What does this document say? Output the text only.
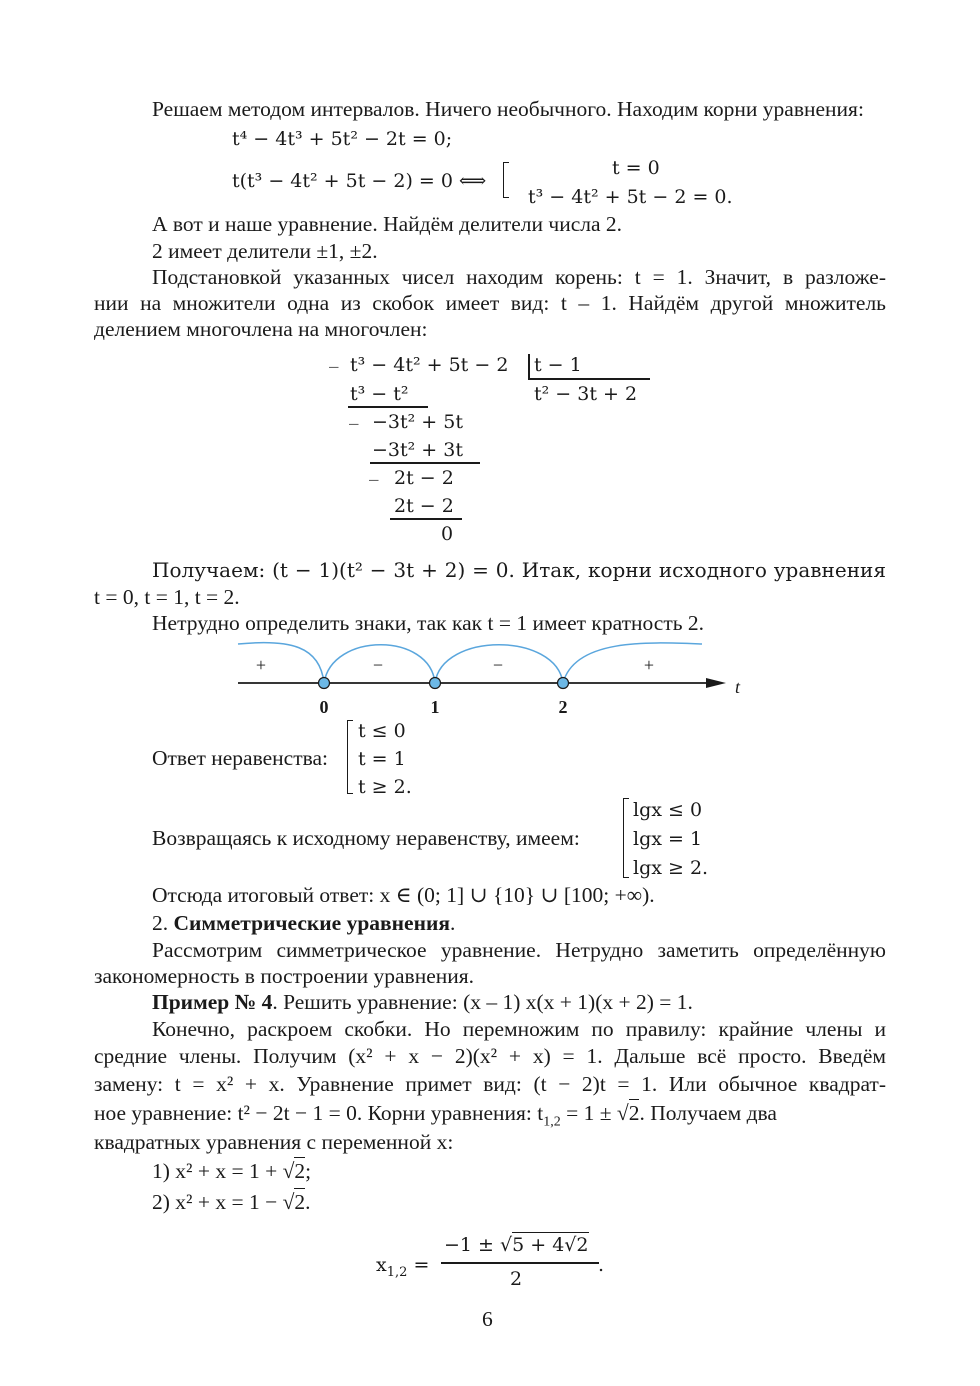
Решаем методом интервалов. Ничего необычного. Находим корни уравнения:
t⁴ − 4t³ + 5t² − 2t = 0;
t(t³ − 4t² + 5t − 2) = 0 ⟺
t = 0
t³ − 4t² + 5t − 2 = 0.
А вот и наше уравнение. Найдём делители числа 2.
2 имеет делители ±1, ±2.
Подстановкой указанных чисел находим корень: t = 1. Значит, в разложе-
нии на множители одна из скобок имеет вид: t – 1. Найдём другой множитель
делением многочлена на многочлен:
_ t³ − 4t² + 5t − 2 t − 1
t² − 3t + 2
t³ − t²
_ −3t² + 5t
−3t² + 3t
_ 2t − 2
2t − 2
0
Получаем: (t − 1)(t² − 3t + 2) = 0. Итак, корни исходного уравнения
t = 0, t = 1, t = 2.
Нетрудно определить знаки, так как t = 1 имеет кратность 2.
t
0	1	2
+	−	−	+
Ответ неравенства:
t ≤ 0
t = 1
t ≥ 2.
Возвращаясь к исходному неравенству, имеем:
lgx ≤ 0
lgx = 1
lgx ≥ 2.
Отсюда итоговый ответ: x ∈ (0; 1] ∪ {10} ∪ [100; +∞).
2. Симметрические уравнения.
Рассмотрим симметрическое уравнение. Нетрудно заметить определённую
закономерность в построении уравнения.
Пример № 4. Решить уравнение: (x – 1) x(x + 1)(x + 2) = 1.
Конечно, раскроем скобки. Но перемножим по правилу: крайние члены и
средние члены. Получим (x² + x − 2)(x² + x) = 1. Дальше всё просто. Введём
замену: t = x² + x. Уравнение примет вид: (t − 2)t = 1. Или обычное квадрат-
ное уравнение: t² − 2t − 1 = 0. Корни уравнения: $t_{1,2} = 1 \pm √2$. Получаем два
квадратных уравнения с переменной x:
1) x² + x = 1 + √2;
2) x² + x = 1 − √2.
$x_{1,2}$ =
−1 ± √5 + 4√2
2
.
6
